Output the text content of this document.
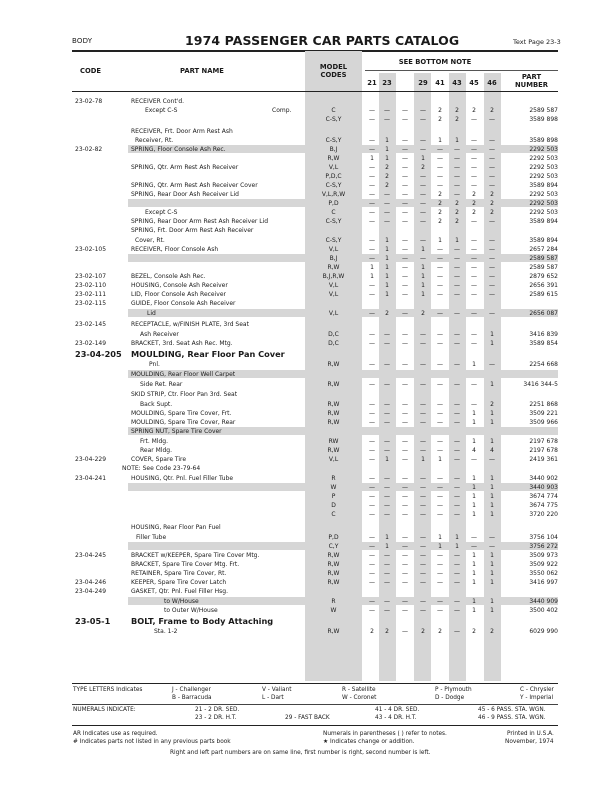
BODY	1974 PASSENGER CAR PARTS CATALOG	Text Page 23-3
CODE	PART NAME	MODEL
CODES
SEE BOTTOM NOTE
21 23	29	41	43	45	46
PART
NUMBER
23-02-78	RECEIVER Cont'd.
Except C-S	Comp.	C	—	—	—	—	2	2	2	2	2589 587
C-S,Y	—	—	—	—	2	2	—	—	3589 898
RECEIVER, Frt. Door Arm Rest Ash
Receiver, Rt.	C-S,Y	—	1	—	—	1	1	—	—	3589 898
23-02-82	SPRING, Floor Console Ash Rec.	B,J	—	1	—	—	—	—	—	—	2292 503
R,W	1	1	—	1	—	—	—	—	2292 503
SPRING, Qtr. Arm Rest Ash Receiver	V,L	—	2	—	2	—	—	—	—	2292 503
P,D,C	—	2	—	—	—	—	—	—	2292 503
SPRING, Qtr. Arm Rest Ash Receiver Cover	C-S,Y	—	2	—	—	—	—	—	—	3589 894
SPRING, Rear Door Ash Receiver Lid	V,L,R,W	—	—	—	—	2	—	2	2	2292 503
P,D	—	—	—	—	2	2	2	2	2292 503
Except C-S	C	—	—	—	—	2	2	2	2	2292 503
SPRING, Rear Door Arm Rest Ash Receiver Lid	C-S,Y	—	—	—	—	2	2	—	—	3589 894
SPRING, Frt. Door Arm Rest Ash Receiver
Cover, Rt.	C-S,Y	—	1	—	—	1	1	—	—	3589 894
23-02-105	RECEIVER, Floor Console Ash	V,L	—	1	—	1	—	—	—	—	2657 284
B,J	—	1	—	—	—	—	—	—	2589 587
R,W	1	1	—	1	—	—	—	—	2589 587
23-02-107	BEZEL, Console Ash Rec.	B,J,R,W	1	1	—	1	—	—	—	—	2879 652
23-02-110	HOUSING, Console Ash Receiver	V,L	—	1	—	1	—	—	—	—	2656 391
23-02-111	LID, Floor Console Ash Receiver	V,L	—	1	—	1	—	—	—	—	2589 615
23-02-115	GUIDE, Floor Console Ash Receiver
Lid	V,L	—	2	—	2	—	—	—	—	2656 087
23-02-145	RECEPTACLE, w/FINISH PLATE, 3rd Seat
Ash Receiver	D,C	—	—	—	—	—	—	—	1	3416 839
23-02-149	BRACKET, 3rd. Seat Ash Rec. Mtg.	D,C	—	—	—	—	—	—	—	1	3589 854
23-04-205 MOULDING, Rear Floor Pan Cover
Pnl.	R,W	—	—	—	—	—	—	1	—	2254 668
MOULDING, Rear Floor Well Carpet
Side Ret. Rear	R,W	—	—	—	—	—	—	—	1	3416 344-5
SKID STRIP, Ctr. Floor Pan 3rd. Seat
Back Supt.	R,W	—	—	—	—	—	—	—	2	2251 868
MOULDING, Spare Tire Cover, Frt.	R,W	—	—	—	—	—	—	1	1	3509 221
MOULDING, Spare Tire Cover, Rear	R,W	—	—	—	—	—	—	1	1	3509 966
SPRING NUT, Spare Tire Cover
Frt. Mldg.	RW	—	—	—	—	—	—	1	1	2197 678
Rear Mldg.	R,W	—	—	—	—	—	—	4	4	2197 678
23-04-229	COVER, Spare Tire	V,L	—	1	—	1	1	—	—	—	2419 361
NOTE: See Code 23-79-64
23-04-241	HOUSING, Qtr. Pnl. Fuel Filler Tube	R	—	—	—	—	—	—	1	1	3440 902
W	—	—	—	—	—	—	1	1	3440 903
P	—	—	—	—	—	—	1	1	3674 774
D	—	—	—	—	—	—	1	1	3674 775
C	—	—	—	—	—	—	1	1	3720 220
HOUSING, Rear Floor Pan Fuel
Filler Tube	P,D	—	1	—	—	1	1	—	—	3756 104
C,Y	—	1	—	—	1	1	—	—	3756 272
23-04-245	BRACKET w/KEEPER, Spare Tire Cover Mtg.	R,W	—	—	—	—	—	—	1	1	3509 973
BRACKET, Spare Tire Cover Mtg. Frt.	R,W	—	—	—	—	—	—	1	1	3509 922
RETAINER, Spare Tire Cover, Rt.	R,W	—	—	—	—	—	—	1	1	3550 062
23-04-246	KEEPER, Spare Tire Cover Latch	R,W	—	—	—	—	—	—	1	1	3416 997
23-04-249	GASKET, Qtr. Pnl. Fuel Filler Hsg.
to W/House	R	—	—	—	—	—	—	1	1	3440 909
to Outer W/House	W	—	—	—	—	—	—	1	1	3500 402
23-05-1	BOLT, Frame to Body Attaching
Sta. 1-2	R,W	2	2	—	2	2	—	2	2	6029 990
TYPE LETTERS Indicates	J - Challenger
B - Barracuda
V - Valiant
L - Dart
R - Satellite
W - Coronet
P - Plymouth
D - Dodge
C - Chrysler
Y - Imperial
NUMERALS INDICATE:	21 - 2 DR. SED.
23 - 2 DR. H.T.	29 - FAST BACK
41 - 4 DR. SED.
43 - 4 DR. H.T.
45 - 6 PASS. STA. WGN.
46 - 9 PASS. STA. WGN.
AR Indicates use as required.
# Indicates parts not listed in any previous parts book
Numerals in parentheses ( ) refer to notes.
★ Indicates change or addition.
Printed in U.S.A.
November, 1974
Right and left part numbers are on same line, first number is right, second number is left.
